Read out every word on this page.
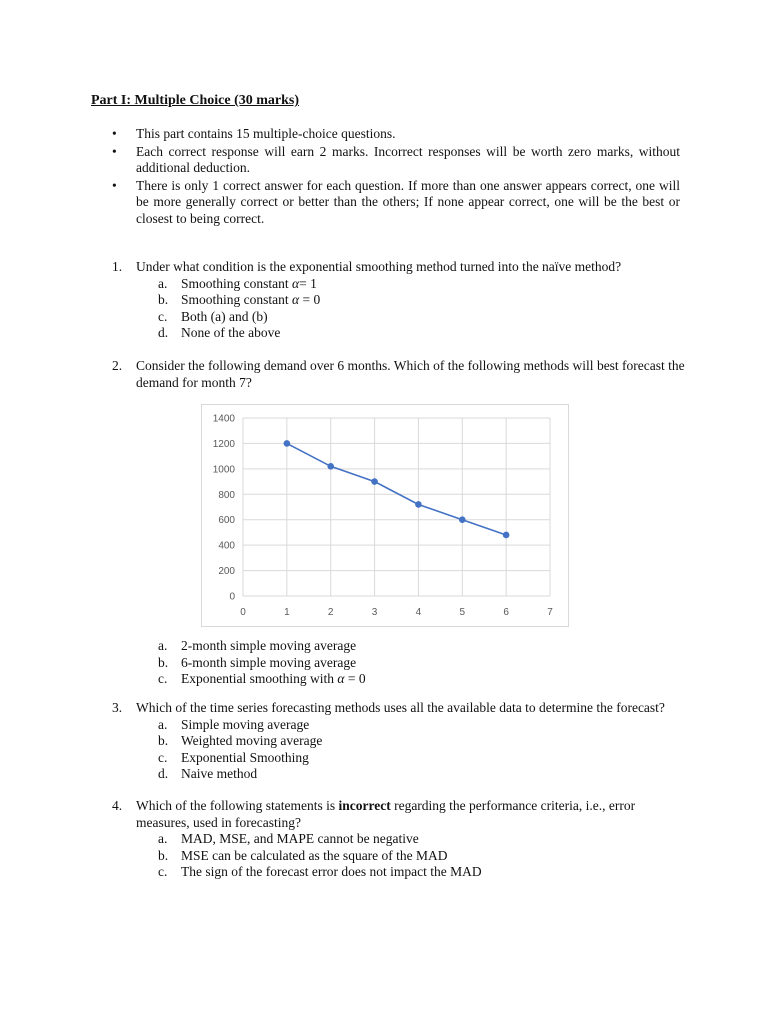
Part I: Multiple Choice (30 marks)
• This part contains 15 multiple-choice questions.
• Each correct response will earn 2 marks. Incorrect responses will be worth zero marks, without additional deduction.
• There is only 1 correct answer for each question. If more than one answer appears correct, one will be more generally correct or better than the others; If none appear correct, one will be the best or closest to being correct.
1. Under what condition is the exponential smoothing method turned into the naïve method?
a. Smoothing constant α= 1
b. Smoothing constant α = 0
c. Both (a) and (b)
d. None of the above
2. Consider the following demand over 6 months. Which of the following methods will best forecast the demand for month 7?
0
200
400
600
800
1000
1200
1400
0	1	2	3	4	5	6	7
a. 2-month simple moving average
b. 6-month simple moving average
c. Exponential smoothing with α = 0
3. Which of the time series forecasting methods uses all the available data to determine the forecast?
a. Simple moving average
b. Weighted moving average
c. Exponential Smoothing
d. Naive method
4. Which of the following statements is incorrect regarding the performance criteria, i.e., error measures, used in forecasting?
a. MAD, MSE, and MAPE cannot be negative
b. MSE can be calculated as the square of the MAD
c. The sign of the forecast error does not impact the MAD
